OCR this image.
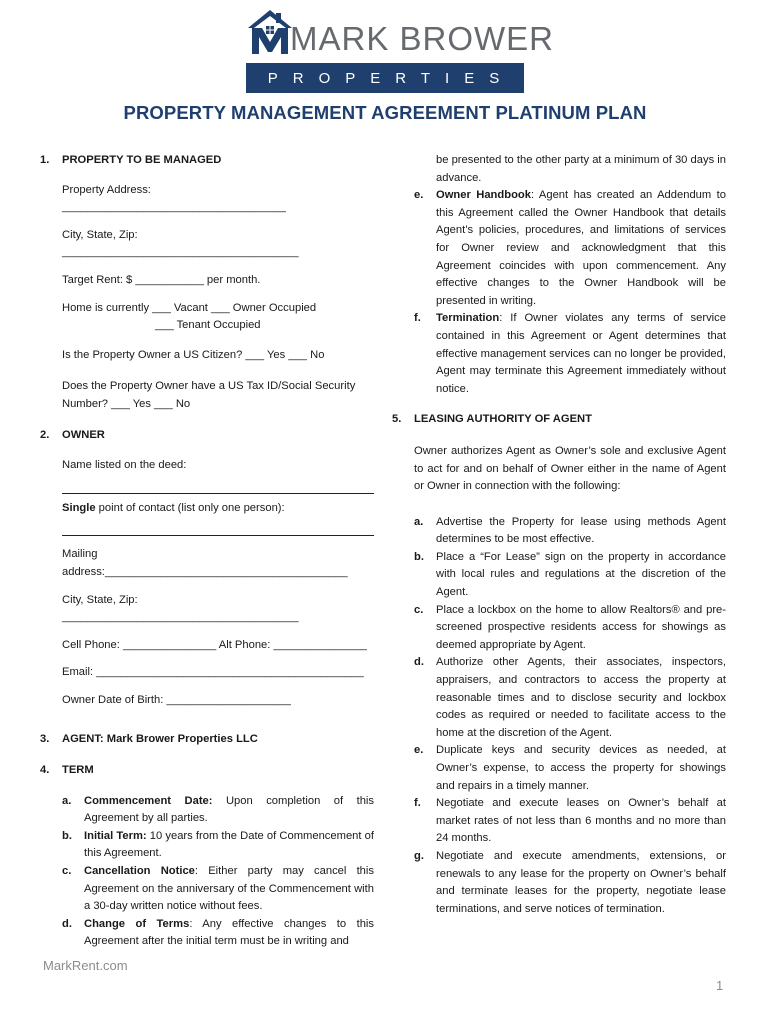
MARK BROWER
PROPERTIES
PROPERTY MANAGEMENT AGREEMENT PLATINUM PLAN
1.	PROPERTY TO BE MANAGED
Property Address: ____________________________________
City, State, Zip: ______________________________________
Target Rent: $ ___________ per month.
Home is currently ___ Vacant ___ Owner Occupied
___ Tenant Occupied
Is the Property Owner a US Citizen? ___ Yes ___ No
Does the Property Owner have a US Tax ID/Social Security
Number? ___ Yes ___ No
2.	OWNER
Name listed on the deed:
Single point of contact (list only one person):
Mailing address:_______________________________________
City, State, Zip: ______________________________________
Cell Phone: _______________ Alt Phone: _______________
Email: ___________________________________________
Owner Date of Birth: ____________________
3.	AGENT: Mark Brower Properties LLC
4.	TERM
a.	Commencement Date: Upon completion of this Agreement by all parties.
b.	Initial Term: 10 years from the Date of Commencement of this Agreement.
c.	Cancellation Notice: Either party may cancel this Agreement on the anniversary of the Commencement with a 30-day written notice without fees.
d.	Change of Terms: Any effective changes to this Agreement after the initial term must be in writing and
be presented to the other party at a minimum of 30 days in advance.
e.	Owner Handbook: Agent has created an Addendum to this Agreement called the Owner Handbook that details Agent’s policies, procedures, and limitations of services for Owner review and acknowledgment that this Agreement coincides with upon commencement. Any effective changes to the Owner Handbook will be presented in writing.
f.	Termination: If Owner violates any terms of service contained in this Agreement or Agent determines that effective management services can no longer be provided, Agent may terminate this Agreement immediately without notice.
5.	LEASING AUTHORITY OF AGENT
Owner authorizes Agent as Owner’s sole and exclusive Agent to act for and on behalf of Owner either in the name of Agent or Owner in connection with the following:
a.	Advertise the Property for lease using methods Agent determines to be most effective.
b.	Place a “For Lease” sign on the property in accordance with local rules and regulations at the discretion of the Agent.
c.	Place a lockbox on the home to allow Realtors® and pre-screened prospective residents access for showings as deemed appropriate by Agent.
d.	Authorize other Agents, their associates, inspectors, appraisers, and contractors to access the property at reasonable times and to disclose security and lockbox codes as required or needed to facilitate access to the home at the discretion of the Agent.
e.	Duplicate keys and security devices as needed, at Owner’s expense, to access the property for showings and repairs in a timely manner.
f.	Negotiate and execute leases on Owner’s behalf at market rates of not less than 6 months and no more than 24 months.
g.	Negotiate and execute amendments, extensions, or renewals to any lease for the property on Owner’s behalf and terminate leases for the property, negotiate lease terminations, and serve notices of termination.
MarkRent.com
1
